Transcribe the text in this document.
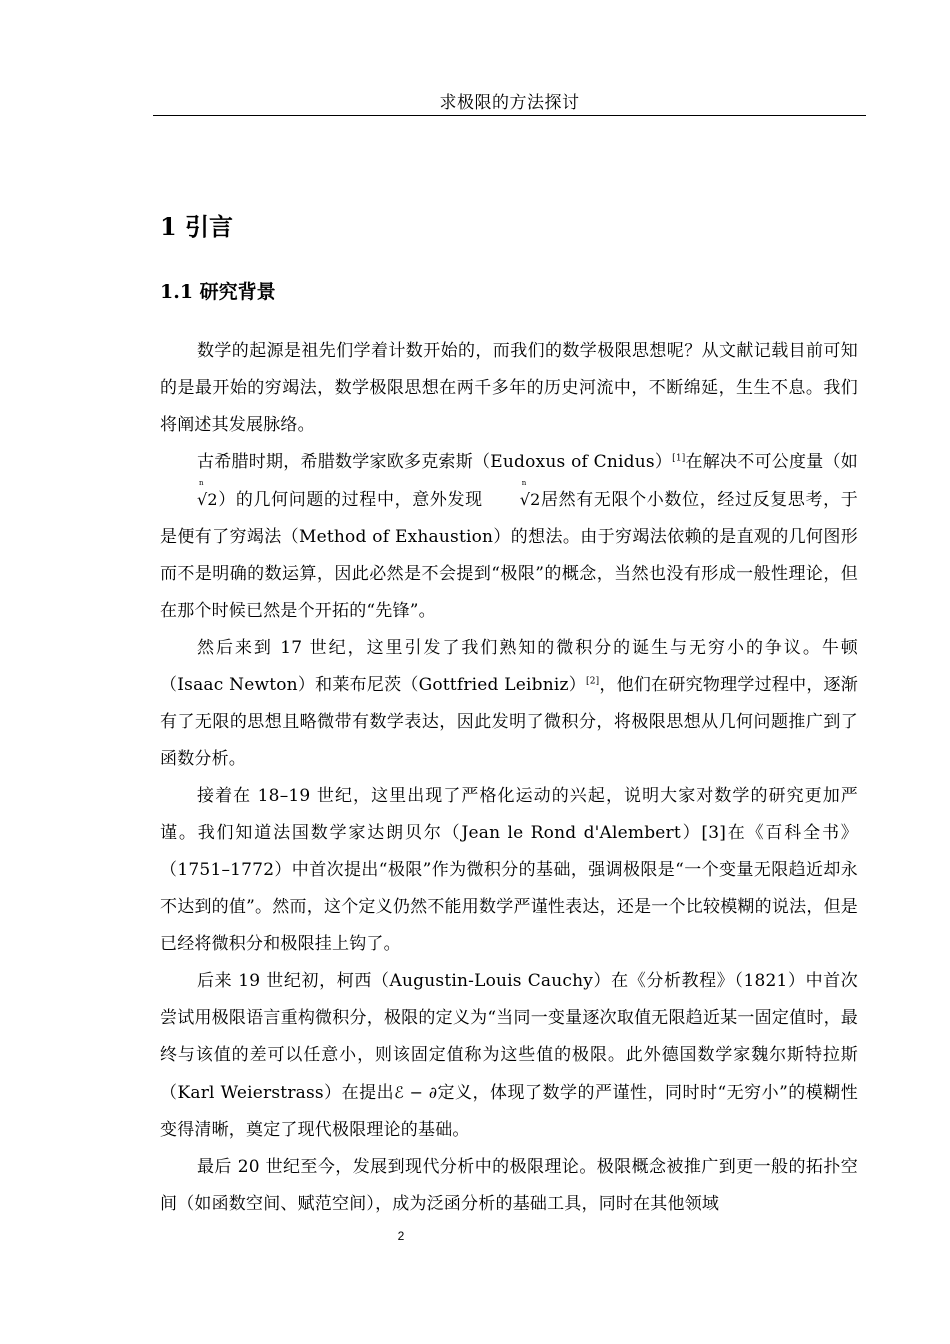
求极限的方法探讨
1 引言
1.1 研究背景

数学的起源是祖先们学着计数开始的，而我们的数学极限思想呢？从文献记载目前可知的是最开始的穷竭法，数学极限思想在两千多年的历史河流中，不断绵延，生生不息。我们将阐述其发展脉络。

古希腊时期，希腊数学家欧多克索斯（Eudoxus of Cnidus）[1]在解决不可公度量（如
n
√2）的几何问题的过程中，意外发现
n
√2居然有无限个小数位，经过反复思考，于是便有了穷竭法（Method of Exhaustion）的想法。由于穷竭法依赖的是直观的几何图形而不是明确的数运算，因此必然是不会提到“极限”的概念，当然也没有形成一般性理论，但在那个时候已然是个开拓的“先锋”。

然后来到 17 世纪，这里引发了我们熟知的微积分的诞生与无穷小的争议。牛顿（Isaac Newton）和莱布尼茨（Gottfried Leibniz）[2]，他们在研究物理学过程中，逐渐有了无限的思想且略微带有数学表达，因此发明了微积分，将极限思想从几何问题推广到了函数分析。

接着在 18–19 世纪，这里出现了严格化运动的兴起，说明大家对数学的研究更加严谨。我们知道法国数学家达朗贝尔（Jean le Rond d'Alembert）[3]在《百科全书》（1751–1772）中首次提出“极限”作为微积分的基础，强调极限是“一个变量无限趋近却永不达到的值”。然而，这个定义仍然不能用数学严谨性表达，还是一个比较模糊的说法，但是已经将微积分和极限挂上钩了。

后来 19 世纪初，柯西（Augustin-Louis Cauchy）在《分析教程》（1821）中首次尝试用极限语言重构微积分，极限的定义为“当同一变量逐次取值无限趋近某一固定值时，最终与该值的差可以任意小，则该固定值称为这些值的极限。此外德国数学家魏尔斯特拉斯（Karl Weierstrass）在提出ℰ − ∂定义，体现了数学的严谨性，同时时“无穷小”的模糊性变得清晰，奠定了现代极限理论的基础。

最后 20 世纪至今，发展到现代分析中的极限理论。极限概念被推广到更一般的拓扑空间（如函数空间、赋范空间），成为泛函分析的基础工具，同时在其他领域

2
